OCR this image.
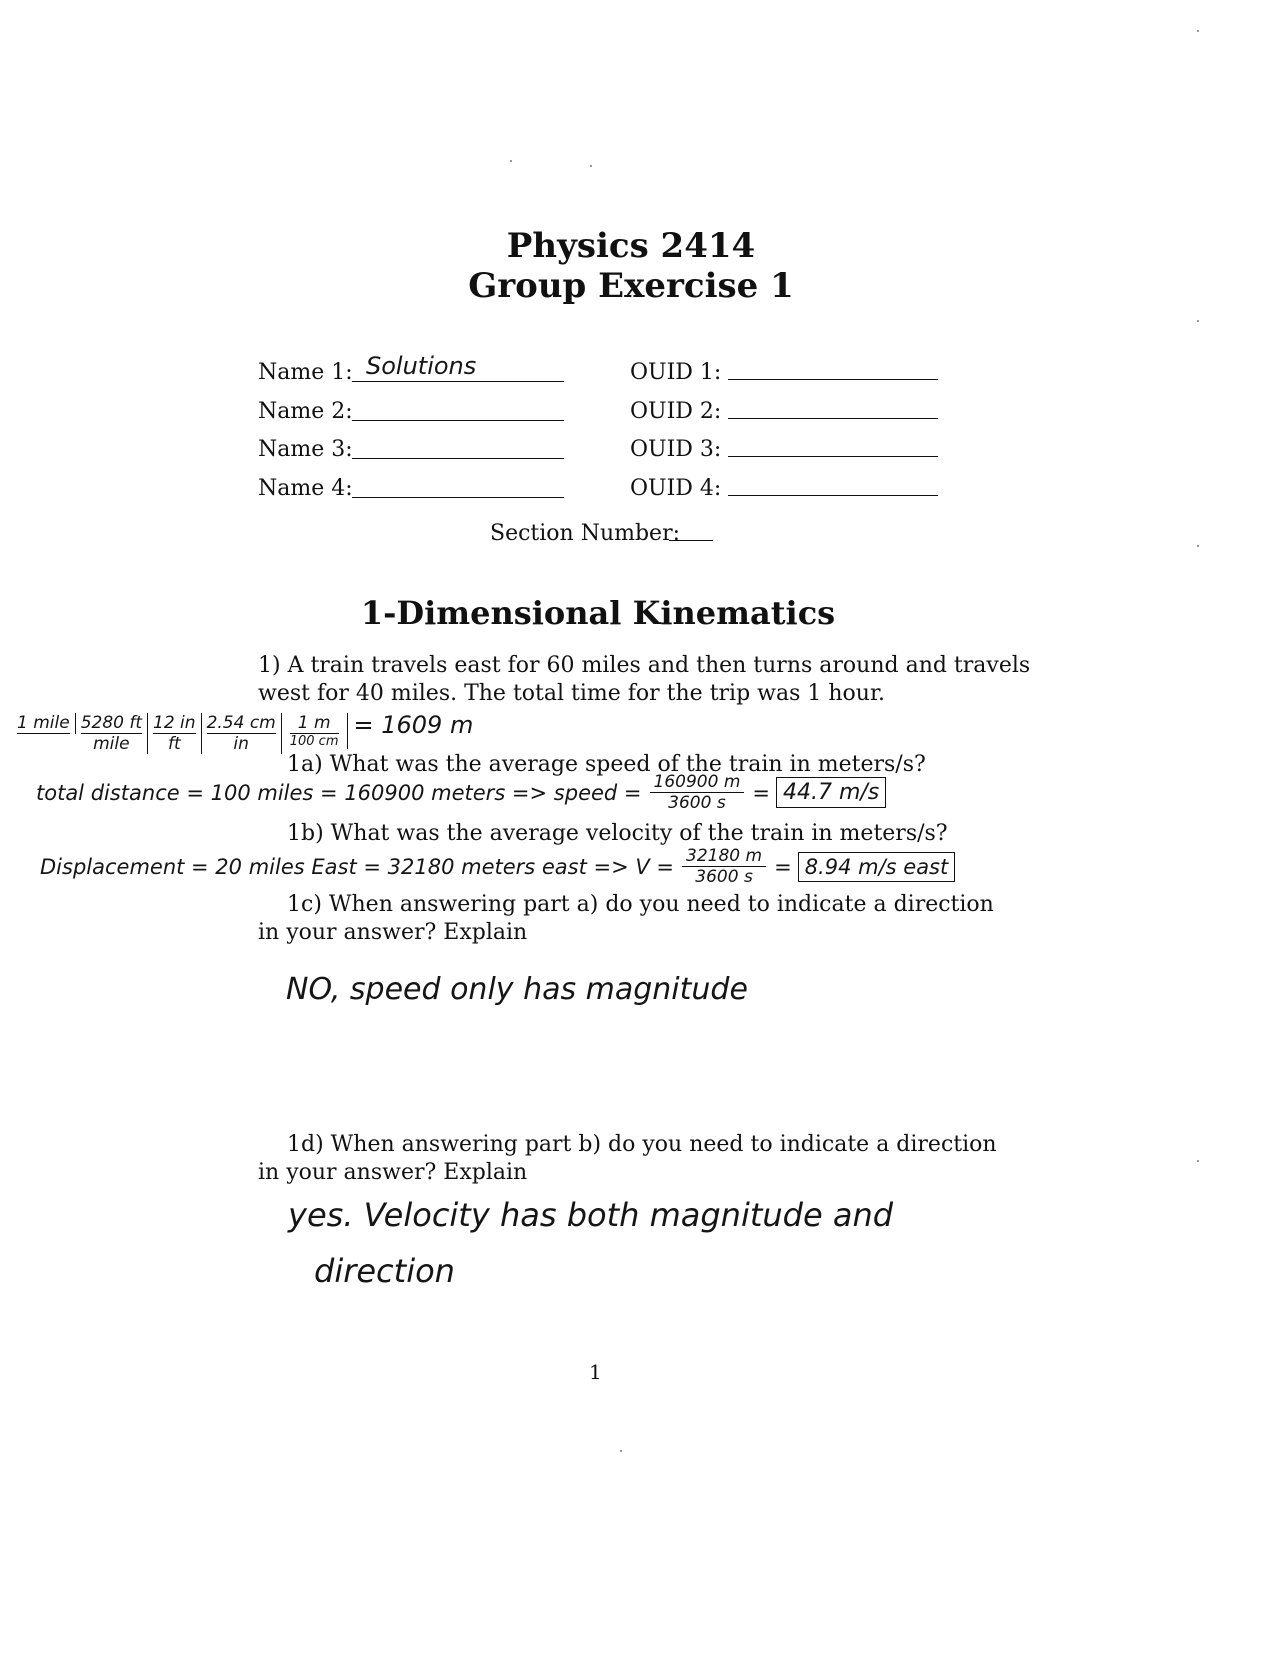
Physics 2414
Group Exercise 1
Name 1: Solutions
Name 2:
Name 3:
Name 4:
OUID 1:
OUID 2:
OUID 3:
OUID 4:
Section Number:
1-Dimensional Kinematics
1) A train travels east for 60 miles and then turns around and travels
west for 40 miles. The total time for the trip was 1 hour.
1 mile 5280 ft
mile
12 in
ft
2.54 cm
in
1 m
100 cm
= 1609 m
1a) What was the average speed of the train in meters/s?
total distance = 100 miles = 160900 meters => speed = $\frac{160900 m}{3600 s} = 44.7$ m/s
1b) What was the average velocity of the train in meters/s?
Displacement = 20 miles East = 32180 meters east => $V = \frac{32180 m}{3600 s} = 8.94$ m/s east
1c) When answering part a) do you need to indicate a direction
in your answer? Explain
NO, speed only has magnitude
1d) When answering part b) do you need to indicate a direction
in your answer? Explain
yes. Velocity has both magnitude and
direction
1
